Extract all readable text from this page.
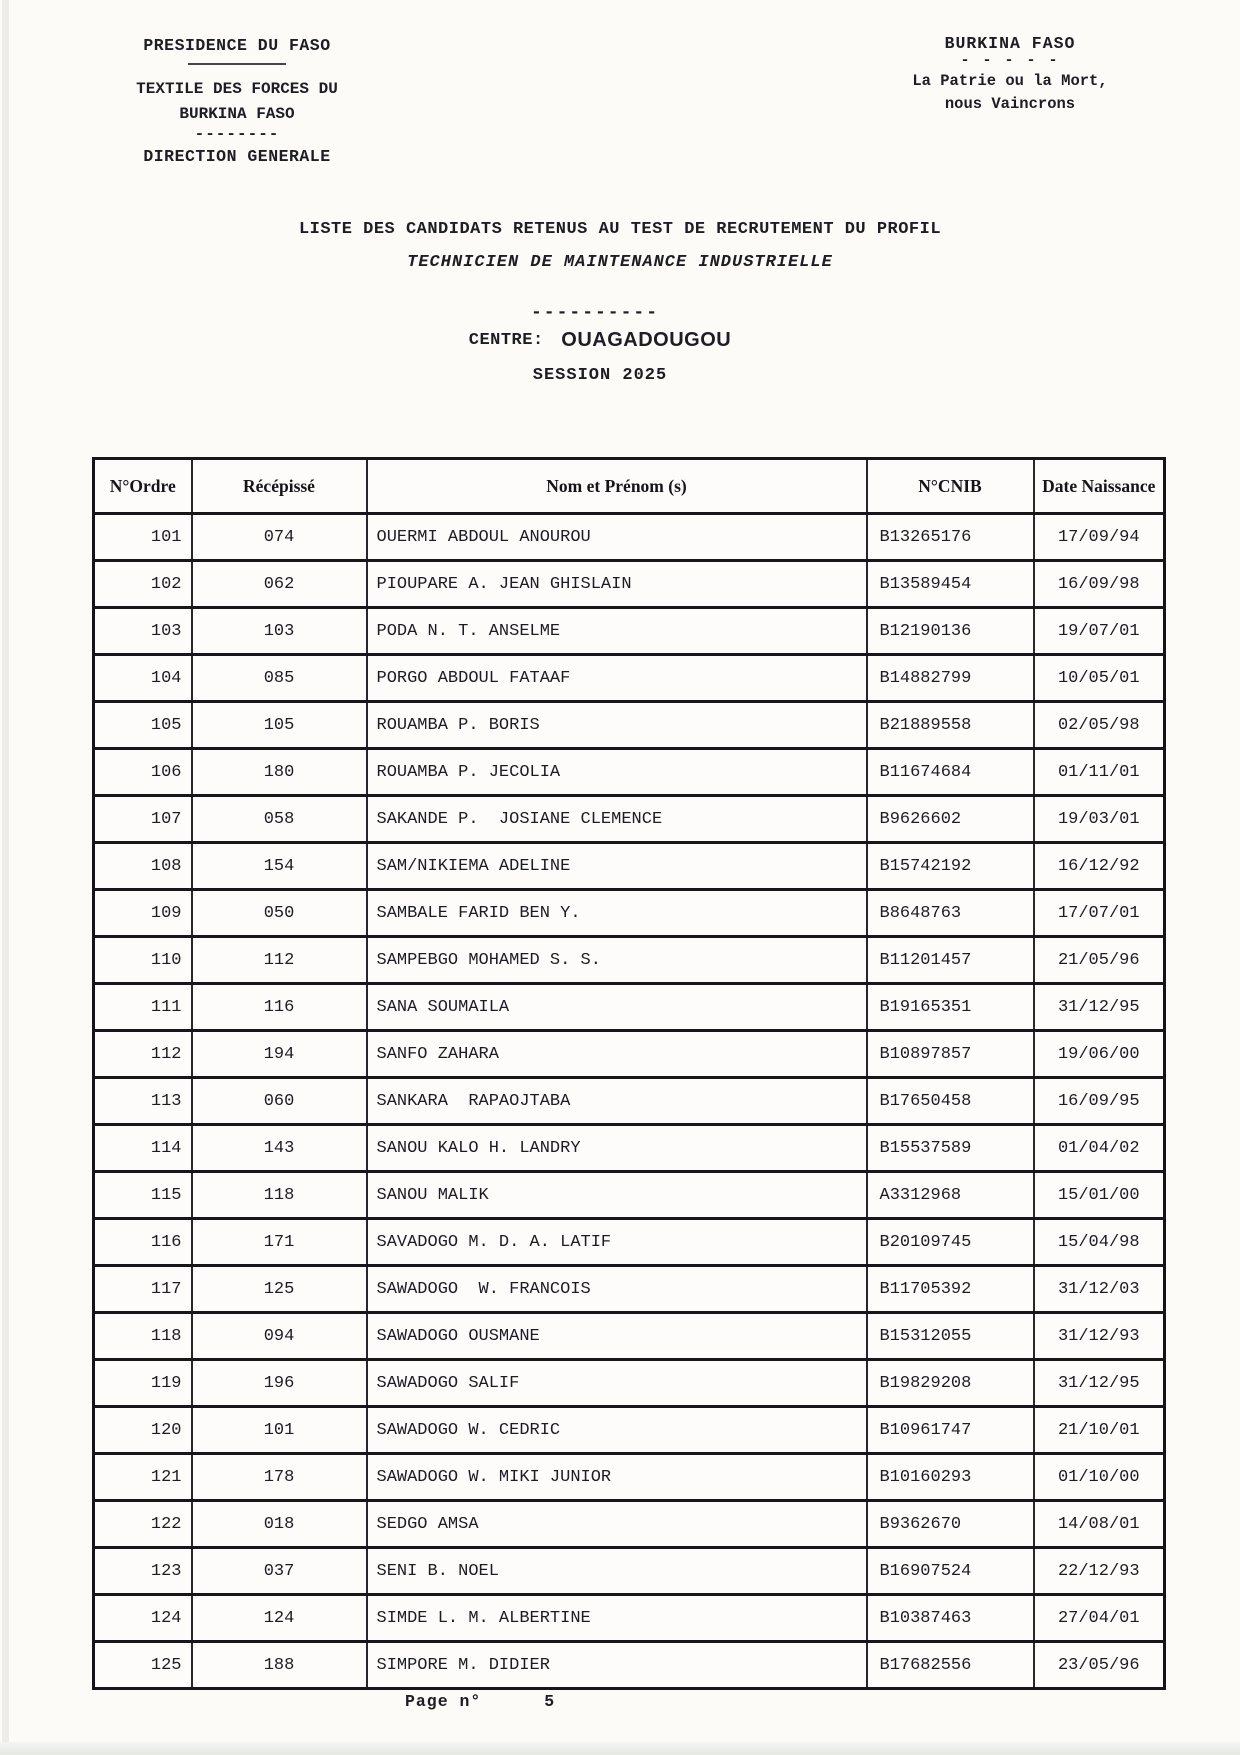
PRESIDENCE DU FASO
TEXTILE DES FORCES DU
BURKINA FASO
--------
DIRECTION GENERALE
BURKINA FASO
- - - - -
La Patrie ou la Mort,
nous Vaincrons
LISTE DES CANDIDATS RETENUS AU TEST DE RECRUTEMENT DU PROFIL
TECHNICIEN DE MAINTENANCE INDUSTRIELLE
----------
CENTRE: OUAGADOUGOU
SESSION 2025
N°Ordre	Récépissé	Nom et Prénom (s)	N°CNIB	Date Naissance
101	074	OUERMI ABDOUL ANOUROU	B13265176	17/09/94
102	062	PIOUPARE A. JEAN GHISLAIN	B13589454	16/09/98
103	103	PODA N. T. ANSELME	B12190136	19/07/01
104	085	PORGO ABDOUL FATAAF	B14882799	10/05/01
105	105	ROUAMBA P. BORIS	B21889558	02/05/98
106	180	ROUAMBA P. JECOLIA	B11674684	01/11/01
107	058	SAKANDE P.  JOSIANE CLEMENCE	B9626602	19/03/01
108	154	SAM/NIKIEMA ADELINE	B15742192	16/12/92
109	050	SAMBALE FARID BEN Y.	B8648763	17/07/01
110	112	SAMPEBGO MOHAMED S. S.	B11201457	21/05/96
111	116	SANA SOUMAILA	B19165351	31/12/95
112	194	SANFO ZAHARA	B10897857	19/06/00
113	060	SANKARA  RAPAOJTABA	B17650458	16/09/95
114	143	SANOU KALO H. LANDRY	B15537589	01/04/02
115	118	SANOU MALIK	A3312968	15/01/00
116	171	SAVADOGO M. D. A. LATIF	B20109745	15/04/98
117	125	SAWADOGO  W. FRANCOIS	B11705392	31/12/03
118	094	SAWADOGO OUSMANE	B15312055	31/12/93
119	196	SAWADOGO SALIF	B19829208	31/12/95
120	101	SAWADOGO W. CEDRIC	B10961747	21/10/01
121	178	SAWADOGO W. MIKI JUNIOR	B10160293	01/10/00
122	018	SEDGO AMSA	B9362670	14/08/01
123	037	SENI B. NOEL	B16907524	22/12/93
124	124	SIMDE L. M. ALBERTINE	B10387463	27/04/01
125	188	SIMPORE M. DIDIER	B17682556	23/05/96
Page n°	5
